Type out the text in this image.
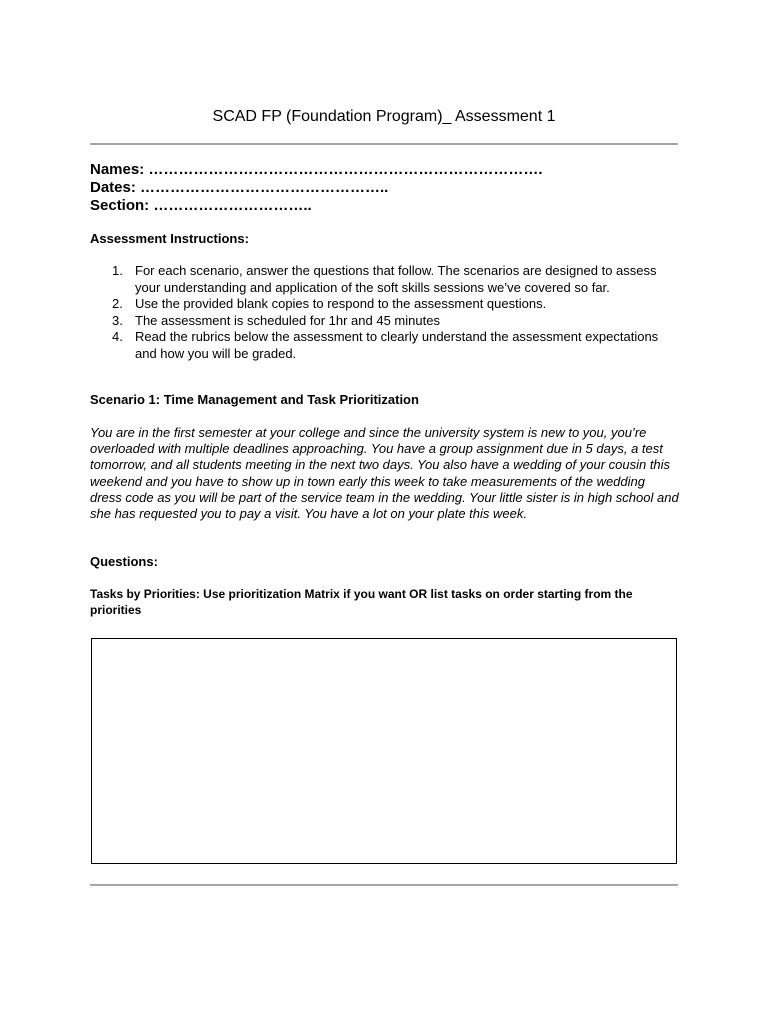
SCAD FP (Foundation Program)_ Assessment 1
Names: …………………………………………………………………….
Dates: …………………………………………..
Section: …………………………..
Assessment Instructions:
1. For each scenario, answer the questions that follow. The scenarios are designed to assess your understanding and application of the soft skills sessions we’ve covered so far.
2. Use the provided blank copies to respond to the assessment questions.
3. The assessment is scheduled for 1hr and 45 minutes
4. Read the rubrics below the assessment to clearly understand the assessment expectations and how you will be graded.
Scenario 1: Time Management and Task Prioritization
You are in the first semester at your college and since the university system is new to you, you’re overloaded with multiple deadlines approaching. You have a group assignment due in 5 days, a test tomorrow, and all students meeting in the next two days. You also have a wedding of your cousin this weekend and you have to show up in town early this week to take measurements of the wedding dress code as you will be part of the service team in the wedding. Your little sister is in high school and she has requested you to pay a visit. You have a lot on your plate this week.
Questions:
Tasks by Priorities: Use prioritization Matrix if you want OR list tasks on order starting from the priorities
